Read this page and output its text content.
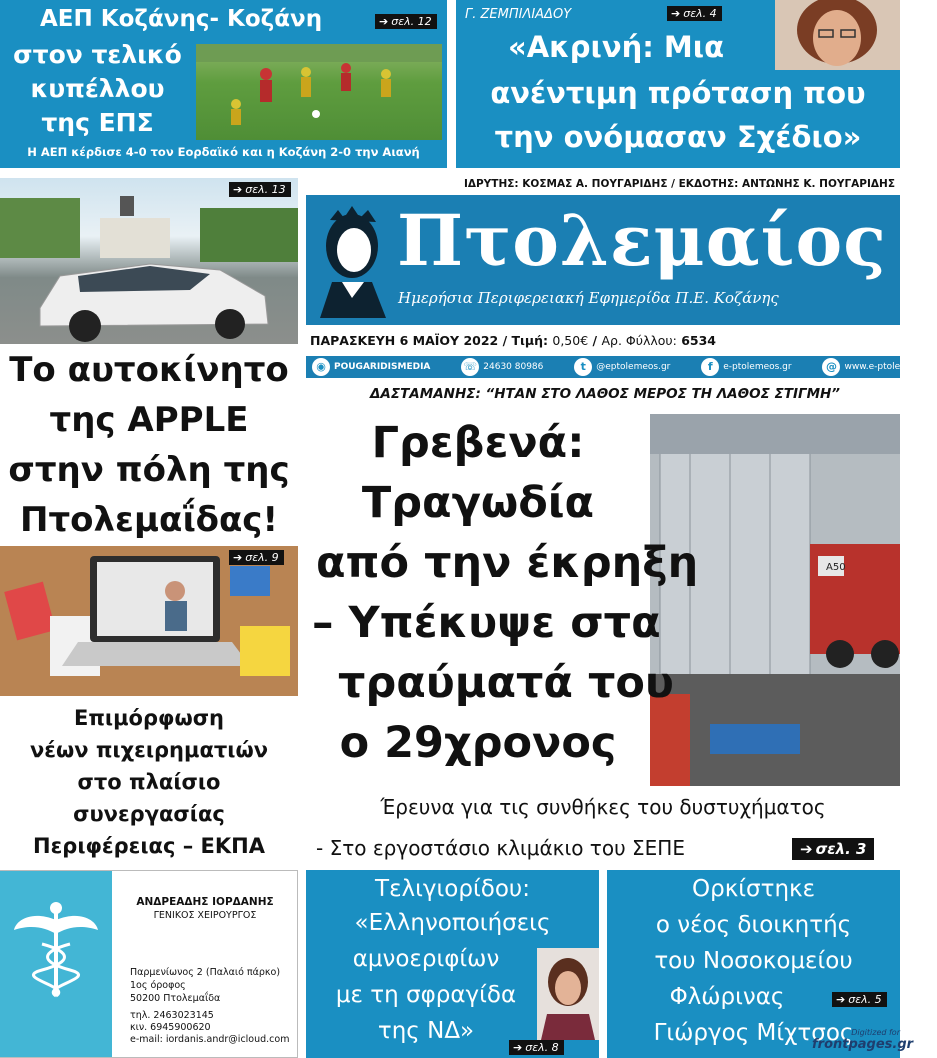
ΑΕΠ Κοζάνης- Κοζάνη
στον τελικό
κυπέλλου
της ΕΠΣ
➔ σελ. 12
Η ΑΕΠ κέρδισε 4-0 τον Εορδαϊκό και η Κοζάνη 2-0 την Αιανή
Γ. ΖΕΜΠΙΛΙΑΔΟΥ	➔ σελ. 4
«Ακρινή: Μια
ανέντιμη πρόταση που
την ονόμασαν Σχέδιο»
ΙΔΡΥΤΗΣ: ΚΟΣΜΑΣ Α. ΠΟΥΓΑΡΙΔΗΣ / ΕΚΔΟΤΗΣ: ΑΝΤΩΝΗΣ Κ. ΠΟΥΓΑΡΙΔΗΣ
Πτολεμαίος
Ημερήσια Περιφερειακή Εφημερίδα Π.Ε. Κοζάνης
ΠΑΡΑΣΚΕΥΗ 6 ΜΑΪΟΥ 2022 / Τιμή: 0,50€ / Αρ. Φύλλου: 6534
◉ POUGARIDISMEDIA	☏ 24630 80986	t @eptolemeos.gr	f e-ptolemeos.gr	@ www.e-ptolemeos.gr
➔ σελ. 13
Το αυτοκίνητο
της APPLE
στην πόλη της
Πτολεμαΐδας!
➔ σελ. 9
Επιμόρφωση
νέων πιχειρηματιών
στο πλαίσιο
συνεργασίας
Περιφέρειας – ΕΚΠΑ
ΔΑΣΤΑΜΑΝΗΣ: “ΗΤΑΝ ΣΤΟ ΛΑΘΟΣ ΜΕΡΟΣ ΤΗ ΛΑΘΟΣ ΣΤΙΓΜΗ”
Α50
Γρεβενά:
Τραγωδία
από την έκρηξη
– Υπέκυψε στα
τραύματά του
ο 29χρονος
Έρευνα για τις συνθήκες του δυστυχήματος
- Στο εργοστάσιο κλιμάκιο του ΣΕΠΕ	➔ σελ. 3
ΑΝΔΡΕΑΔΗΣ ΙΟΡΔΑΝΗΣ
ΓΕΝΙΚΟΣ ΧΕΙΡΟΥΡΓΟΣ
Παρμενίωνος 2 (Παλαιό πάρκο)
1ος όροφος
50200 Πτολεμαΐδα
τηλ. 2463023145
κιν. 6945900620
e-mail: iordanis.andr@icloud.com
Τελιγιορίδου:
«Ελληνοποιήσεις
αμνοεριφίων
με τη σφραγίδα
της ΝΔ»
➔ σελ. 8
Ορκίστηκε
ο νέος διοικητής
του Νοσοκομείου
Φλώρινας
Γιώργος Μίχτσος
➔ σελ. 5
Digitized for
frontpages.gr
